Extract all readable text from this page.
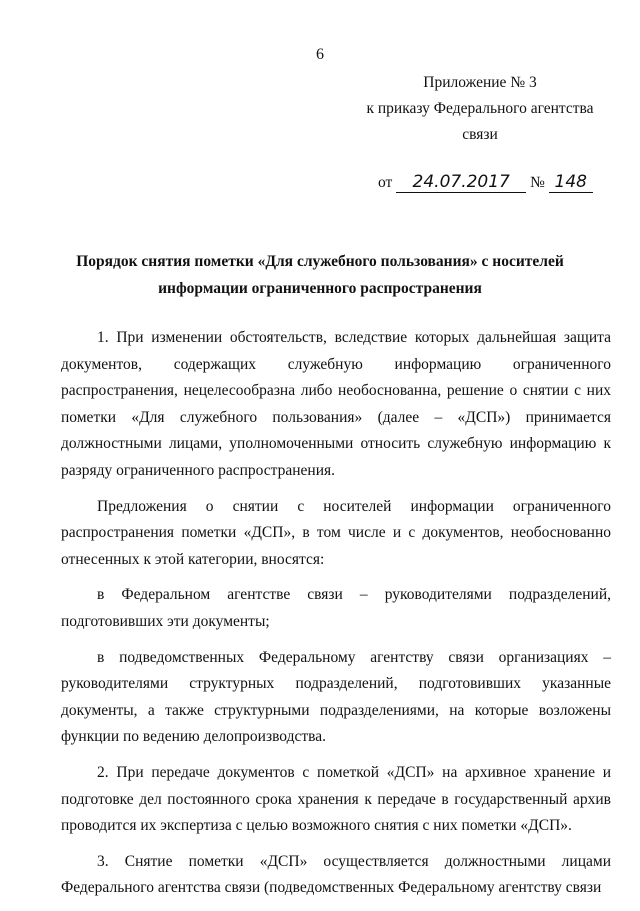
6
Приложение № 3
к приказу Федерального агентства
связи
от 24.07.2017 № 148
Порядок снятия пометки «Для служебного пользования» с носителей
информации ограниченного распространения

1. При изменении обстоятельств, вследствие которых дальнейшая защита документов, содержащих служебную информацию ограниченного распространения, нецелесообразна либо необоснованна, решение о снятии с них пометки «Для служебного пользования» (далее – «ДСП») принимается должностными лицами, уполномоченными относить служебную информацию к разряду ограниченного распространения.

Предложения о снятии с носителей информации ограниченного распространения пометки «ДСП», в том числе и с документов, необоснованно отнесенных к этой категории, вносятся:

в Федеральном агентстве связи – руководителями подразделений, подготовивших эти документы;

в подведомственных Федеральному агентству связи организациях – руководителями структурных подразделений, подготовивших указанные документы, а также структурными подразделениями, на которые возложены функции по ведению делопроизводства.

2. При передаче документов с пометкой «ДСП» на архивное хранение и подготовке дел постоянного срока хранения к передаче в государственный архив проводится их экспертиза с целью возможного снятия с них пометки «ДСП».

3. Снятие пометки «ДСП» осуществляется должностными лицами Федерального агентства связи (подведомственных Федеральному агентству связи
